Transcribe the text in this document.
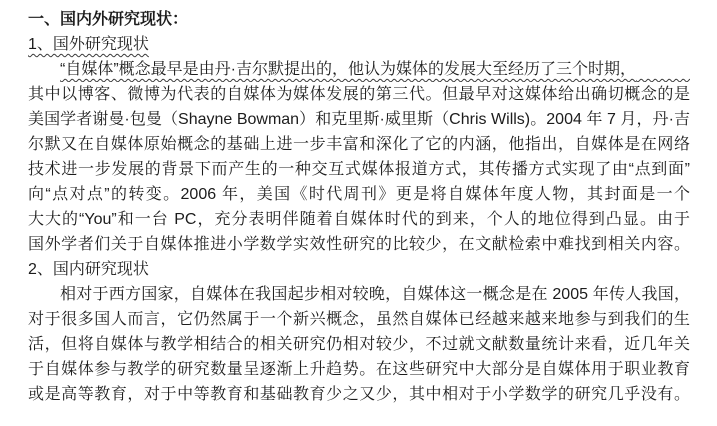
一、国内外研究现状：
1、国外研究现状
“自媒体”概念最早是由丹·吉尔默提出的，他认为媒体的发展大至经历了三个时期，
其中以博客、微博为代表的自媒体为媒体发展的第三代。但最早对这媒体给出确切概念的是
美国学者谢曼·包曼（Shayne Bowman）和克里斯·威里斯（Chris Wills)。2004 年 7 月，丹·吉
尔默又在自媒体原始概念的基础上进一步丰富和深化了它的内涵，他指出，自媒体是在网络
技术进一步发展的背景下而产生的一种交互式媒体报道方式，其传播方式实现了由“点到面”
向“点对点”的转变。2006 年，美国《时代周刊》更是将自媒体年度人物，其封面是一个
大大的“You”和一台 PC，充分表明伴随着自媒体时代的到来，个人的地位得到凸显。由于
国外学者们关于自媒体推进小学数学实效性研究的比较少，在文献检索中难找到相关内容。
2、国内研究现状
相对于西方国家，自媒体在我国起步相对较晚，自媒体这一概念是在 2005 年传人我国，
对于很多国人而言，它仍然属于一个新兴概念，虽然自媒体已经越来越来地参与到我们的生
活，但将自媒体与教学相结合的相关研究仍相对较少，不过就文献数量统计来看，近几年关
于自媒体参与教学的研究数量呈逐渐上升趋势。在这些研究中大部分是自媒体用于职业教育
或是高等教育，对于中等教育和基础教育少之又少，其中相对于小学数学的研究几乎没有。
